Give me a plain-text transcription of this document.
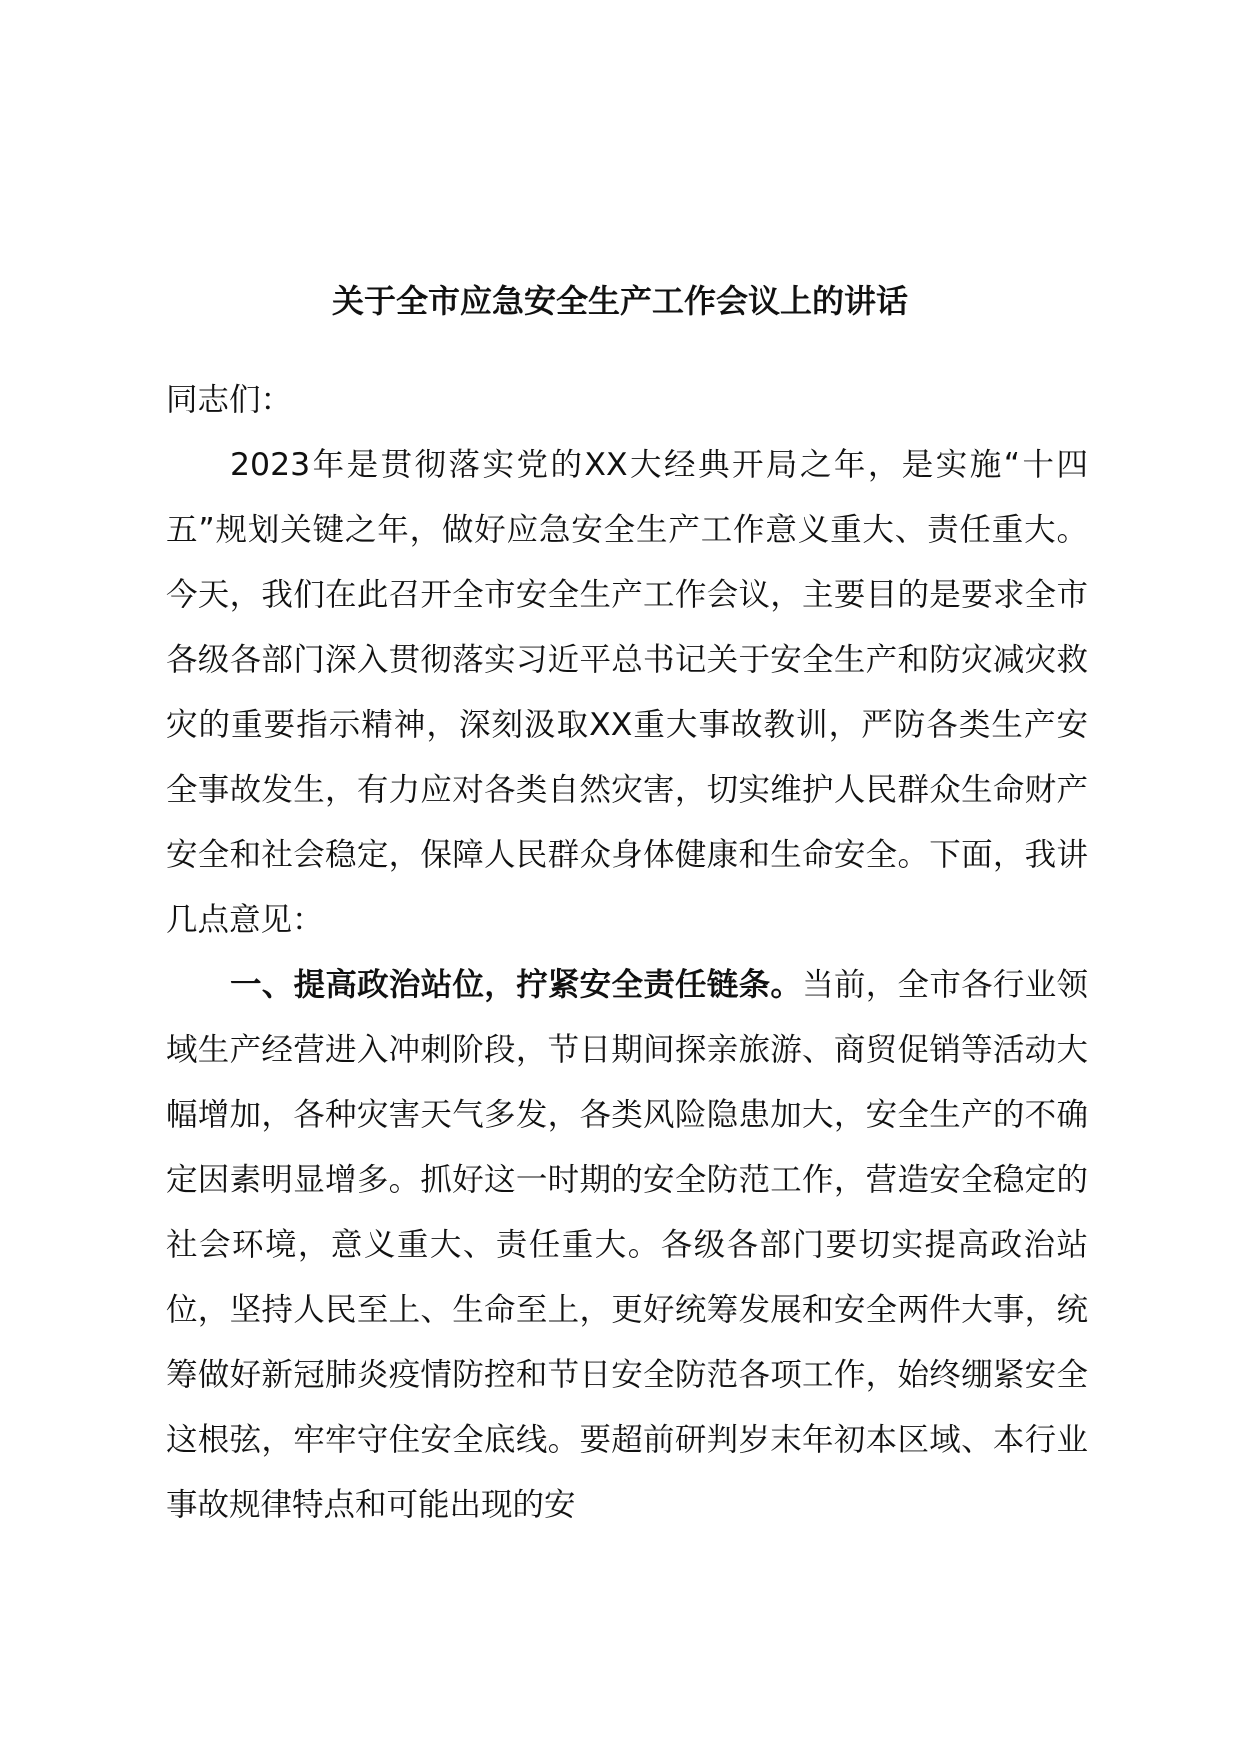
关于全市应急安全生产工作会议上的讲话

同志们：

2023年是贯彻落实党的XX大经典开局之年，是实施“十四五”规划关键之年，做好应急安全生产工作意义重大、责任重大。今天，我们在此召开全市安全生产工作会议，主要目的是要求全市各级各部门深入贯彻落实习近平总书记关于安全生产和防灾减灾救灾的重要指示精神，深刻汲取XX重大事故教训，严防各类生产安全事故发生，有力应对各类自然灾害，切实维护人民群众生命财产安全和社会稳定，保障人民群众身体健康和生命安全。下面，我讲几点意见：

一、提高政治站位，拧紧安全责任链条。当前，全市各行业领域生产经营进入冲刺阶段，节日期间探亲旅游、商贸促销等活动大幅增加，各种灾害天气多发，各类风险隐患加大，安全生产的不确定因素明显增多。抓好这一时期的安全防范工作，营造安全稳定的社会环境，意义重大、责任重大。各级各部门要切实提高政治站位，坚持人民至上、生命至上，更好统筹发展和安全两件大事，统筹做好新冠肺炎疫情防控和节日安全防范各项工作，始终绷紧安全这根弦，牢牢守住安全底线。要超前研判岁末年初本区域、本行业事故规律特点和可能出现的安
